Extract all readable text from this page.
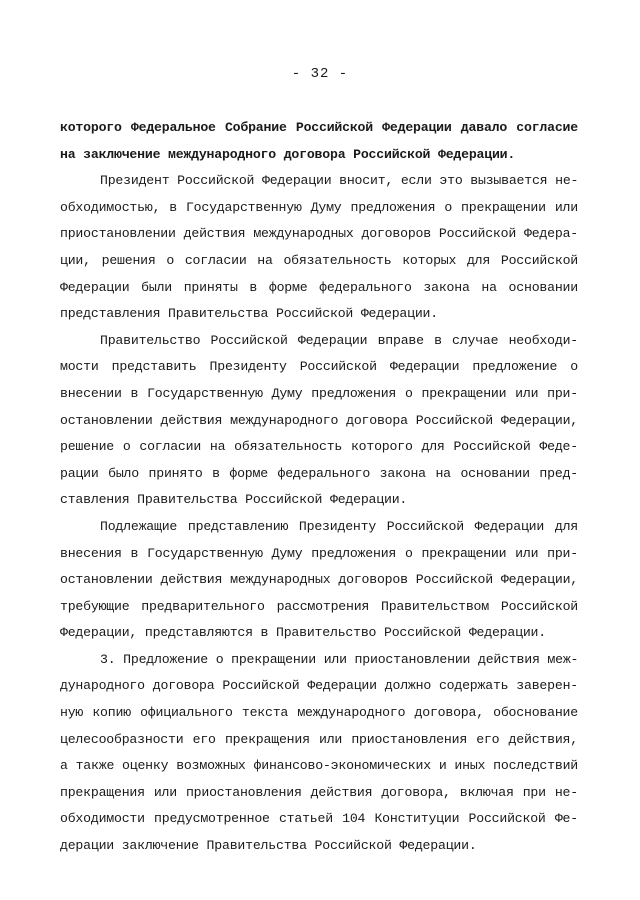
- 32 -
которого Федеральное Собрание Российской Федерации давало согласие
на заключение международного договора Российской Федерации.
Президент Российской Федерации вносит, если это вызывается не-
обходимостью, в Государственную Думу предложения о прекращении или
приостановлении действия международных договоров Российской Федера-
ции, решения о согласии на обязательность которых для Российской
Федерации были приняты в форме федерального закона на основании
представления Правительства Российской Федерации.
Правительство Российской Федерации вправе в случае необходи-
мости представить Президенту Российской Федерации предложение о
внесении в Государственную Думу предложения о прекращении или при-
остановлении действия международного договора Российской Федерации,
решение о согласии на обязательность которого для Российской Феде-
рации было принято в форме федерального закона на основании пред-
ставления Правительства Российской Федерации.
Подлежащие представлению Президенту Российской Федерации для
внесения в Государственную Думу предложения о прекращении или при-
остановлении действия международных договоров Российской Федерации,
требующие предварительного рассмотрения Правительством Российской
Федерации, представляются в Правительство Российской Федерации.
3. Предложение о прекращении или приостановлении действия меж-
дународного договора Российской Федерации должно содержать заверен-
ную копию официального текста международного договора, обоснование
целесообразности его прекращения или приостановления его действия,
а также оценку возможных финансово-экономических и иных последствий
прекращения или приостановления действия договора, включая при не-
обходимости предусмотренное статьей 104 Конституции Российской Фе-
дерации заключение Правительства Российской Федерации.
